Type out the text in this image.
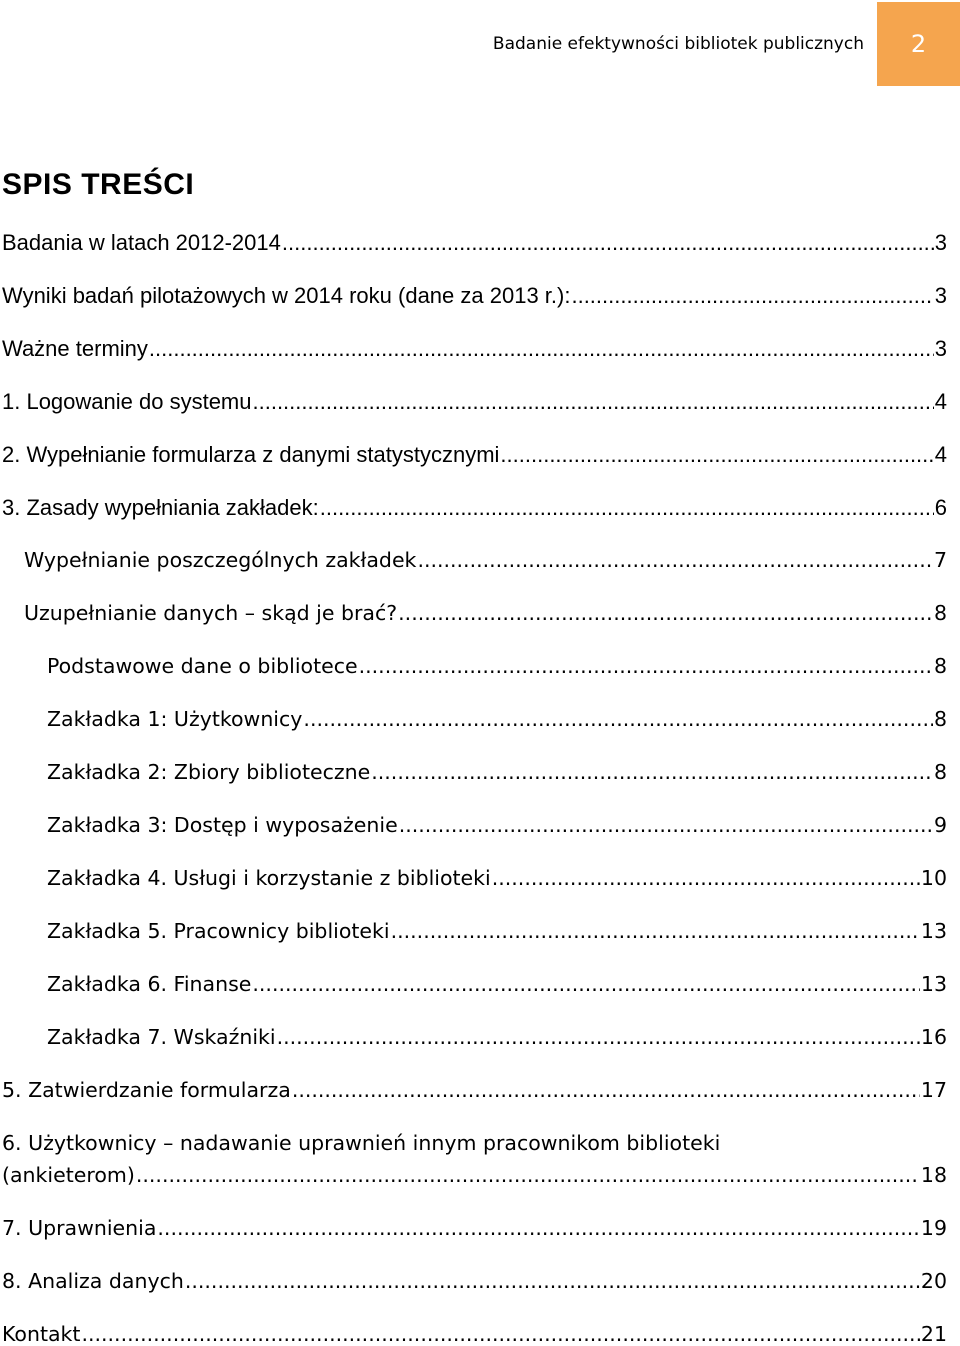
Badanie efektywności bibliotek publicznych 2
SPIS TREŚCI
Badania w latach 2012-2014 .....	3
Wyniki badań pilotażowych w 2014 roku (dane za 2013 r.): .....	3
Ważne terminy .....	3
1. Logowanie do systemu .....	4
2. Wypełnianie formularza z danymi statystycznymi .....	4
3. Zasady wypełniania zakładek: .....	6
Wypełnianie poszczególnych zakładek .....	7
Uzupełnianie danych – skąd je brać? .....	8
Podstawowe dane o bibliotece .....	8
Zakładka 1: Użytkownicy .....	8
Zakładka 2: Zbiory biblioteczne .....	8
Zakładka 3: Dostęp i wyposażenie .....	9
Zakładka 4. Usługi i korzystanie z biblioteki .....	10
Zakładka 5. Pracownicy biblioteki .....	13
Zakładka 6. Finanse .....	13
Zakładka 7. Wskaźniki .....	16
5. Zatwierdzanie formularza .....	17
6. Użytkownicy – nadawanie uprawnień innym pracownikom biblioteki
(ankieterom) .....	18
7. Uprawnienia .....	19
8. Analiza danych .....	20
Kontakt .....	21
